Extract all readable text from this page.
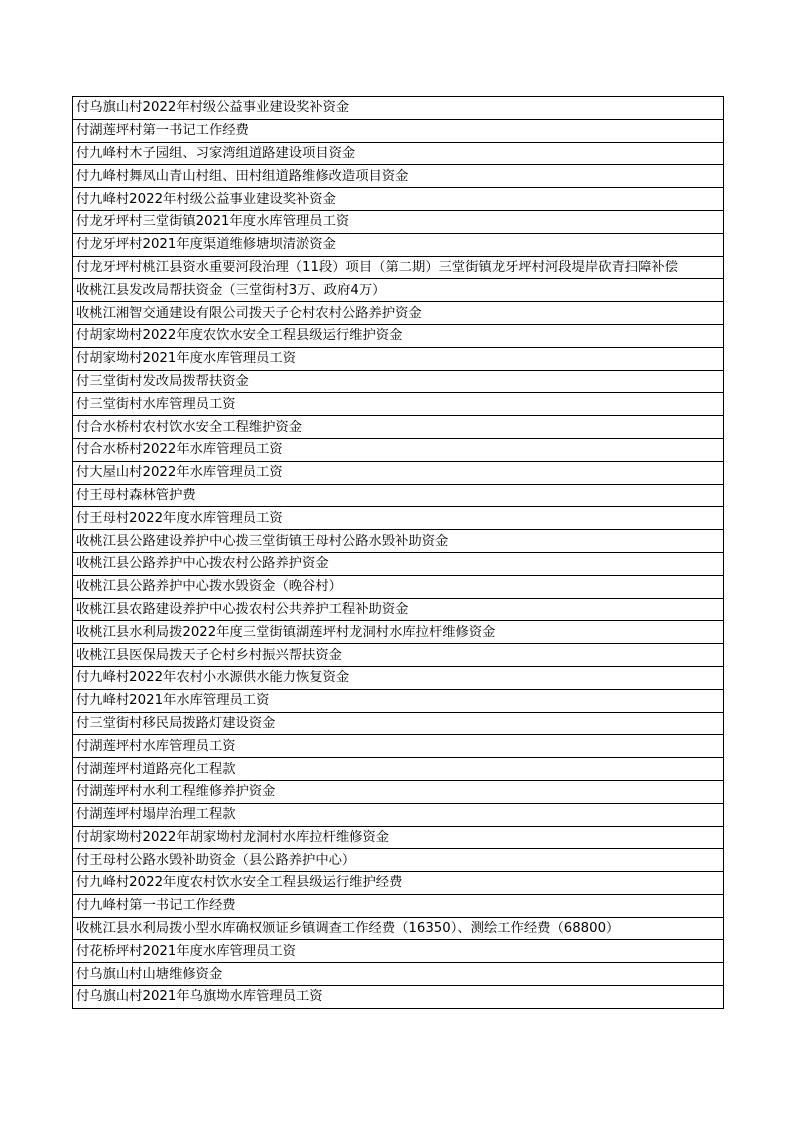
付乌旗山村2022年村级公益事业建设奖补资金
付湖莲坪村第一书记工作经费
付九峰村木子园组、习家湾组道路建设项目资金
付九峰村舞凤山青山村组、田村组道路维修改造项目资金
付九峰村2022年村级公益事业建设奖补资金
付龙牙坪村三堂街镇2021年度水库管理员工资
付龙牙坪村2021年度渠道维修塘坝清淤资金
付龙牙坪村桃江县资水重要河段治理（11段）项目（第二期）三堂街镇龙牙坪村河段堤岸砍青扫障补偿
收桃江县发改局帮扶资金（三堂街村3万、政府4万）
收桃江湘智交通建设有限公司拨天子仑村农村公路养护资金
付胡家坳村2022年度农饮水安全工程县级运行维护资金
付胡家坳村2021年度水库管理员工资
付三堂街村发改局拨帮扶资金
付三堂街村水库管理员工资
付合水桥村农村饮水安全工程维护资金
付合水桥村2022年水库管理员工资
付大屋山村2022年水库管理员工资
付王母村森林管护费
付王母村2022年度水库管理员工资
收桃江县公路建设养护中心拨三堂街镇王母村公路水毁补助资金
收桃江县公路养护中心拨农村公路养护资金
收桃江县公路养护中心拨水毁资金（晚谷村）
收桃江县农路建设养护中心拨农村公共养护工程补助资金
收桃江县水利局拨2022年度三堂街镇湖莲坪村龙洞村水库拉杆维修资金
收桃江县医保局拨天子仑村乡村振兴帮扶资金
付九峰村2022年农村小水源供水能力恢复资金
付九峰村2021年水库管理员工资
付三堂街村移民局拨路灯建设资金
付湖莲坪村水库管理员工资
付湖莲坪村道路亮化工程款
付湖莲坪村水利工程维修养护资金
付湖莲坪村塌岸治理工程款
付胡家坳村2022年胡家坳村龙洞村水库拉杆维修资金
付王母村公路水毁补助资金（县公路养护中心）
付九峰村2022年度农村饮水安全工程县级运行维护经费
付九峰村第一书记工作经费
收桃江县水利局拨小型水库确权颁证乡镇调查工作经费（16350）、测绘工作经费（68800）
付花桥坪村2021年度水库管理员工资
付乌旗山村山塘维修资金
付乌旗山村2021年乌旗坳水库管理员工资
